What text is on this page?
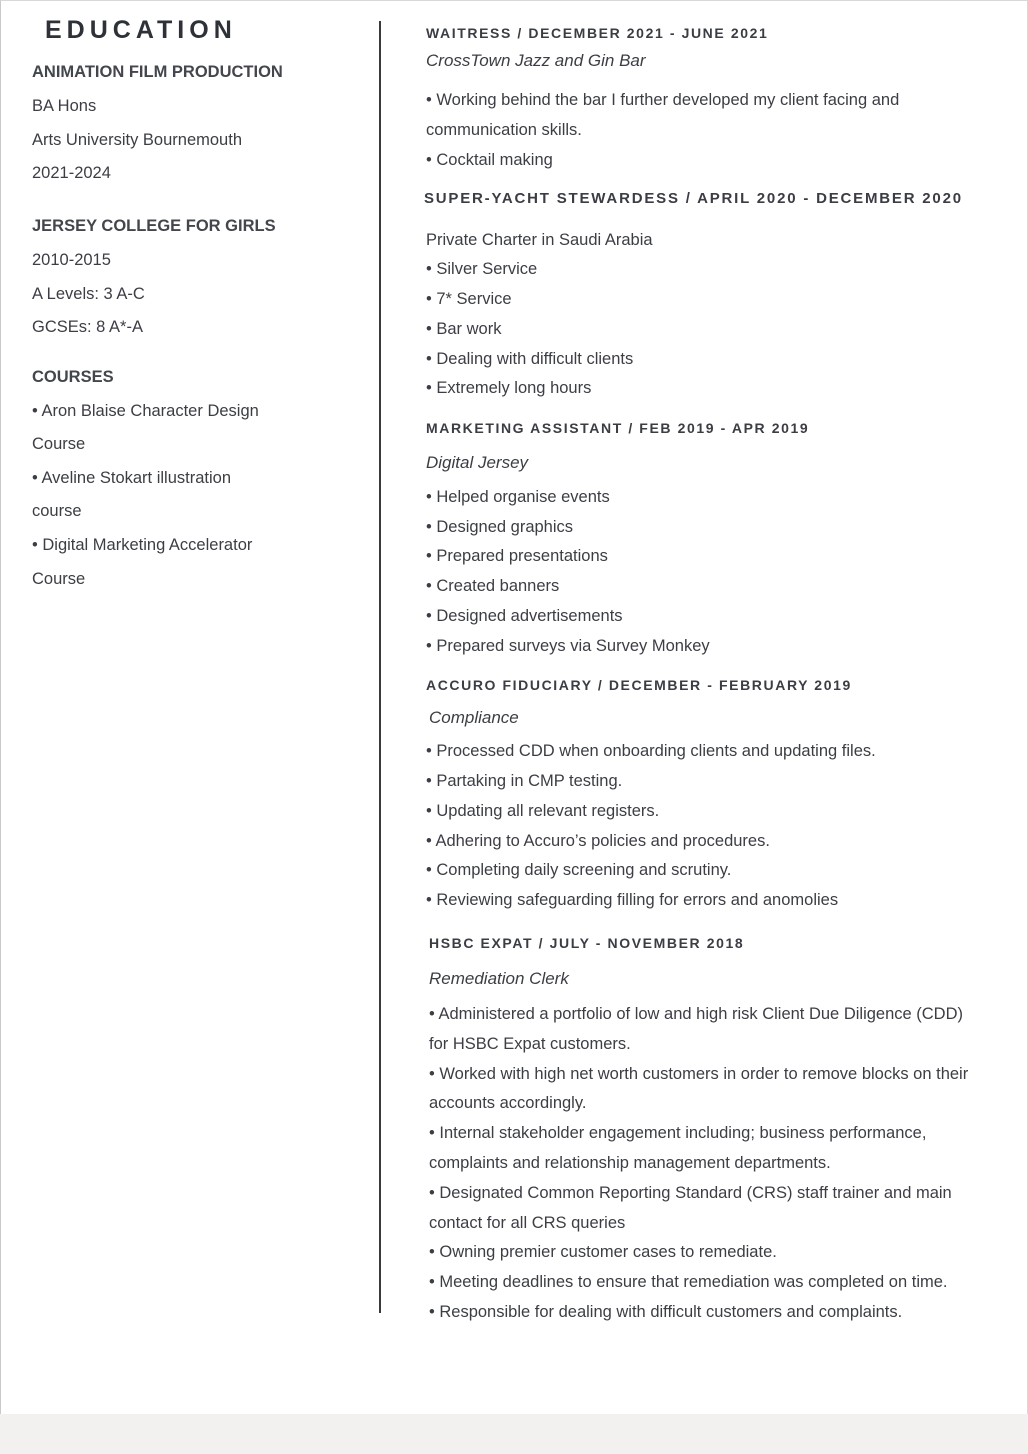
EDUCATION
ANIMATION FILM PRODUCTION
BA Hons
Arts University Bournemouth
2021-2024
JERSEY COLLEGE FOR GIRLS
2010-2015
A Levels: 3 A-C
GCSEs: 8 A*-A
COURSES
• Aron Blaise Character Design
Course
• Aveline Stokart illustration
course
• Digital Marketing Accelerator
Course
WAITRESS / DECEMBER 2021 - JUNE 2021
CrossTown Jazz and Gin Bar
• Working behind the bar I further developed my client facing and
communication skills.
• Cocktail making
SUPER-YACHT STEWARDESS / APRIL 2020 - DECEMBER 2020
Private Charter in Saudi Arabia
• Silver Service
• 7* Service
• Bar work
• Dealing with difficult clients
• Extremely long hours
MARKETING ASSISTANT / FEB 2019 - APR 2019
Digital Jersey
• Helped organise events
• Designed graphics
• Prepared presentations
• Created banners
• Designed advertisements
• Prepared surveys via Survey Monkey
ACCURO FIDUCIARY / DECEMBER - FEBRUARY 2019
Compliance
• Processed CDD when onboarding clients and updating files.
• Partaking in CMP testing.
• Updating all relevant registers.
• Adhering to Accuro’s policies and procedures.
• Completing daily screening and scrutiny.
• Reviewing safeguarding filling for errors and anomolies
HSBC EXPAT / JULY - NOVEMBER 2018
Remediation Clerk
• Administered a portfolio of low and high risk Client Due Diligence (CDD)
for HSBC Expat customers.
• Worked with high net worth customers in order to remove blocks on their
accounts accordingly.
• Internal stakeholder engagement including; business performance,
complaints and relationship management departments.
• Designated Common Reporting Standard (CRS) staff trainer and main
contact for all CRS queries
• Owning premier customer cases to remediate.
• Meeting deadlines to ensure that remediation was completed on time.
• Responsible for dealing with difficult customers and complaints.
